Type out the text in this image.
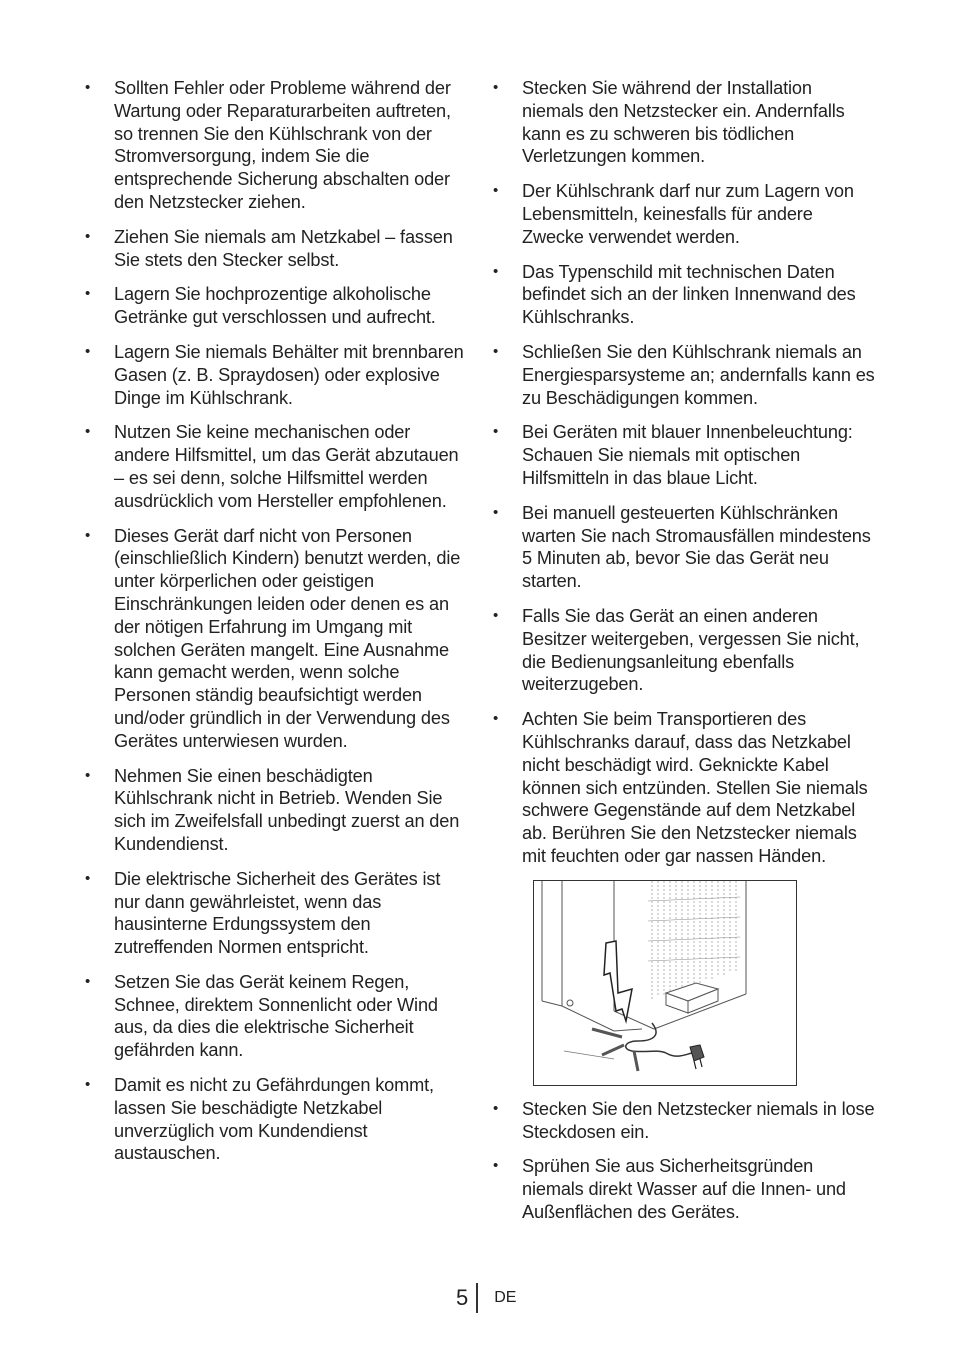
• Sollten Fehler oder Probleme während der Wartung oder Reparaturarbeiten auftreten, so trennen Sie den Kühlschrank von der Stromversorgung, indem Sie die entsprechende Sicherung abschalten oder den Netzstecker ziehen.
• Ziehen Sie niemals am Netzkabel – fassen Sie stets den Stecker selbst.
• Lagern Sie hochprozentige alkoholische Getränke gut verschlossen und aufrecht.
• Lagern Sie niemals Behälter mit brennbaren Gasen (z. B. Spraydosen) oder explosive Dinge im Kühlschrank.
• Nutzen Sie keine mechanischen oder andere Hilfsmittel, um das Gerät abzutauen – es sei denn, solche Hilfsmittel werden ausdrücklich vom Hersteller empfohlenen.
• Dieses Gerät darf nicht von Personen (einschließlich Kindern) benutzt werden, die unter körperlichen oder geistigen Einschränkungen leiden oder denen es an der nötigen Erfahrung im Umgang mit solchen Geräten mangelt. Eine Ausnahme kann gemacht werden, wenn solche Personen ständig beaufsichtigt werden und/oder gründlich in der Verwendung des Gerätes unterwiesen wurden.
• Nehmen Sie einen beschädigten Kühlschrank nicht in Betrieb. Wenden Sie sich im Zweifelsfall unbedingt zuerst an den Kundendienst.
• Die elektrische Sicherheit des Gerätes ist nur dann gewährleistet, wenn das hausinterne Erdungssystem den zutreffenden Normen entspricht.
• Setzen Sie das Gerät keinem Regen, Schnee, direktem Sonnenlicht oder Wind aus, da dies die elektrische Sicherheit gefährden kann.
• Damit es nicht zu Gefährdungen kommt, lassen Sie beschädigte Netzkabel unverzüglich vom Kundendienst austauschen.
• Stecken Sie während der Installation niemals den Netzstecker ein. Andernfalls kann es zu schweren bis tödlichen Verletzungen kommen.
• Der Kühlschrank darf nur zum Lagern von Lebensmitteln, keinesfalls für andere Zwecke verwendet werden.
• Das Typenschild mit technischen Daten befindet sich an der linken Innenwand des Kühlschranks.
• Schließen Sie den Kühlschrank niemals an Energiesparsysteme an; andernfalls kann es zu Beschädigungen kommen.
• Bei Geräten mit blauer Innenbeleuchtung: Schauen Sie niemals mit optischen Hilfsmitteln in das blaue Licht.
• Bei manuell gesteuerten Kühlschränken warten Sie nach Stromausfällen mindestens 5 Minuten ab, bevor Sie das Gerät neu starten.
• Falls Sie das Gerät an einen anderen Besitzer weitergeben, vergessen Sie nicht, die Bedienungsanleitung ebenfalls weiterzugeben.
• Achten Sie beim Transportieren des Kühlschranks darauf, dass das Netzkabel nicht beschädigt wird. Geknickte Kabel können sich entzünden. Stellen Sie niemals schwere Gegenstände auf dem Netzkabel ab. Berühren Sie den Netzstecker niemals mit feuchten oder gar nassen Händen.
• Stecken Sie den Netzstecker niemals in lose Steckdosen ein.
• Sprühen Sie aus Sicherheitsgründen niemals direkt Wasser auf die Innen- und Außenflächen des Gerätes.
5	DE
